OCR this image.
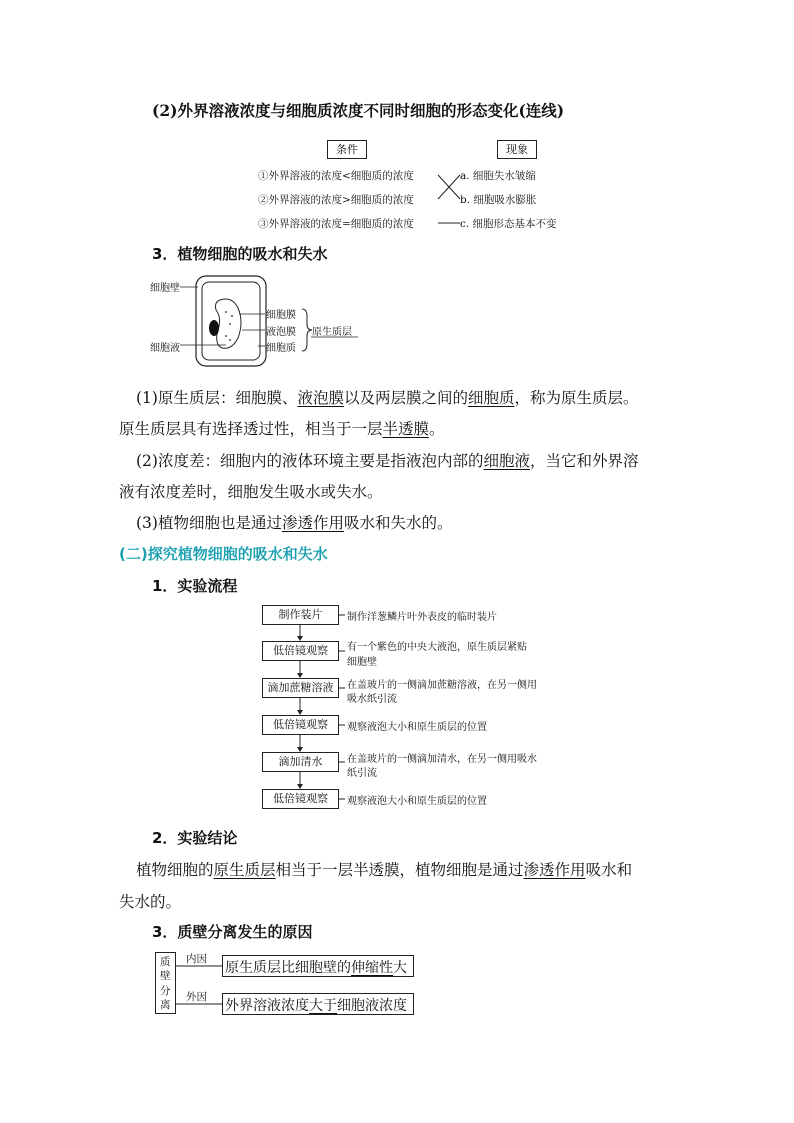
(2)外界溶液浓度与细胞质浓度不同时细胞的形态变化(连线)
条件	现象
①外界溶液的浓度<细胞质的浓度
②外界溶液的浓度>细胞质的浓度
③外界溶液的浓度=细胞质的浓度
a. 细胞失水皱缩
b. 细胞吸水膨胀
c. 细胞形态基本不变
3．植物细胞的吸水和失水
细胞壁
细胞液
细胞膜
液泡膜
细胞质
原生质层
(1)原生质层：细胞膜、液泡膜以及两层膜之间的细胞质，称为原生质层。
原生质层具有选择透过性，相当于一层半透膜。
(2)浓度差：细胞内的液体环境主要是指液泡内部的细胞液，当它和外界溶
液有浓度差时，细胞发生吸水或失水。
(3)植物细胞也是通过渗透作用吸水和失水的。
(二)探究植物细胞的吸水和失水
1．实验流程
制作装片
低倍镜观察
滴加蔗糖溶液
低倍镜观察
滴加清水
低倍镜观察
制作洋葱鳞片叶外表皮的临时装片
有一个紫色的中央大液泡，原生质层紧贴
细胞壁
在盖玻片的一侧滴加蔗糖溶液，在另一侧用
吸水纸引流
观察液泡大小和原生质层的位置
在盖玻片的一侧滴加清水，在另一侧用吸水
纸引流
观察液泡大小和原生质层的位置
2．实验结论
植物细胞的原生质层相当于一层半透膜，植物细胞是通过渗透作用吸水和
失水的。
3．质壁分离发生的原因
质
壁
分
离
内因
外因
原生质层比细胞壁的伸缩性大
外界溶液浓度大于细胞液浓度
